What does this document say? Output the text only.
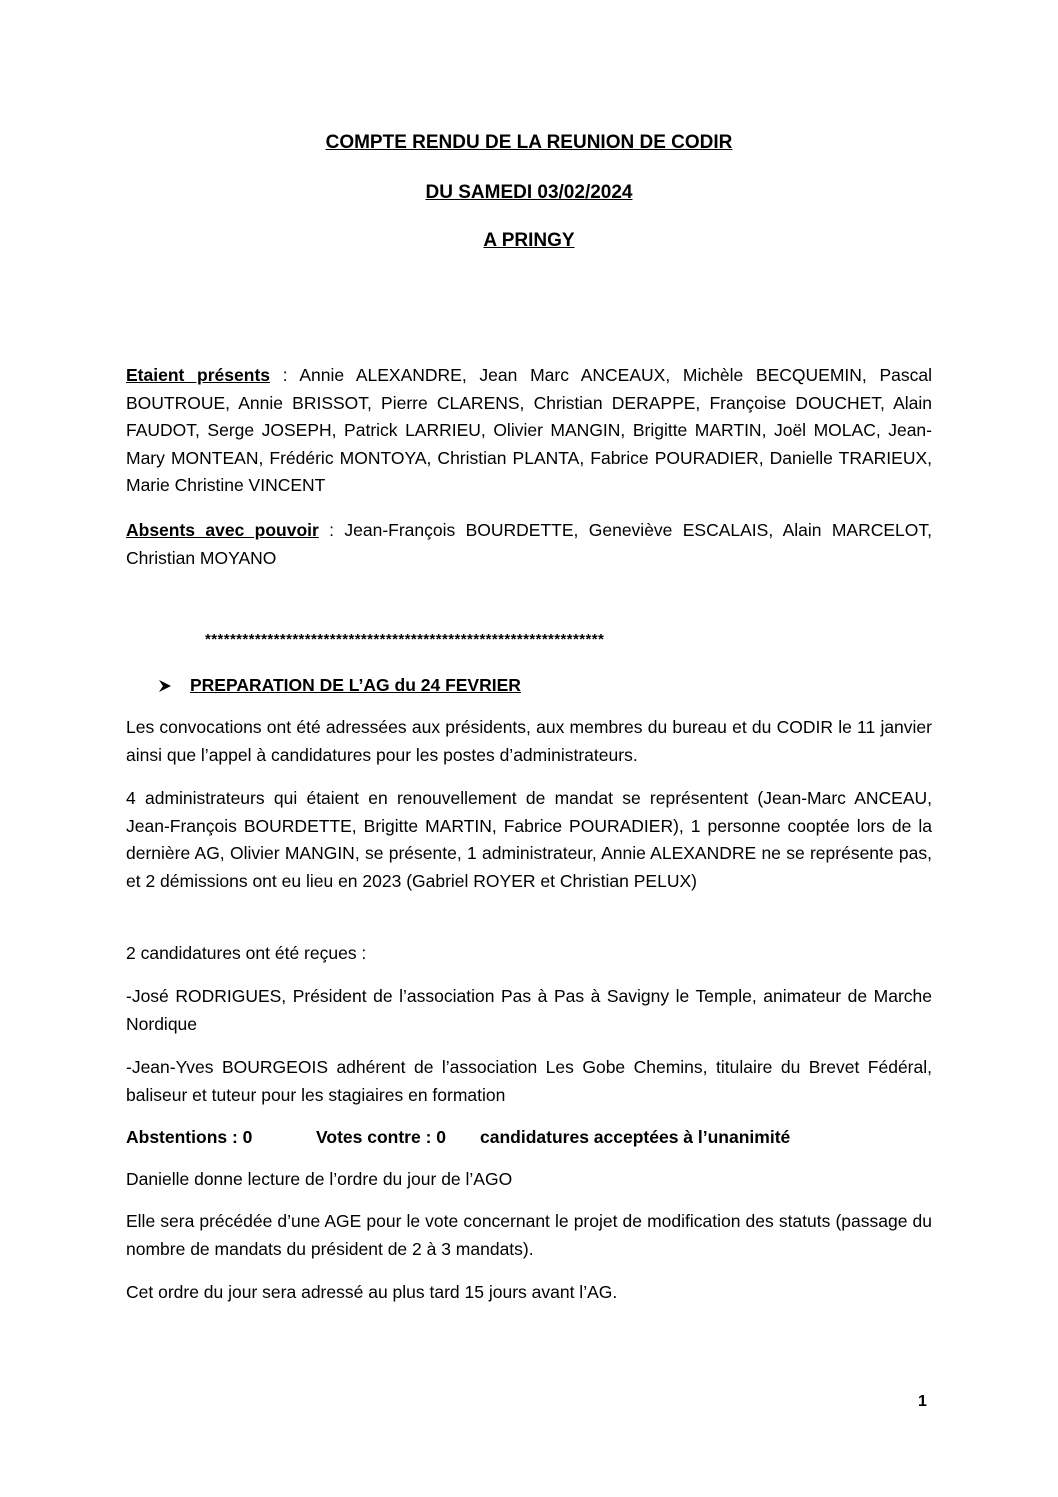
COMPTE RENDU DE LA REUNION DE CODIR
DU SAMEDI 03/02/2024
A PRINGY
Etaient présents : Annie ALEXANDRE, Jean Marc ANCEAUX, Michèle BECQUEMIN, Pascal BOUTROUE, Annie BRISSOT, Pierre CLARENS, Christian DERAPPE, Françoise DOUCHET, Alain FAUDOT, Serge JOSEPH, Patrick LARRIEU, Olivier MANGIN, Brigitte MARTIN, Joël MOLAC, Jean-Mary MONTEAN, Frédéric MONTOYA, Christian PLANTA, Fabrice POURADIER, Danielle TRARIEUX, Marie Christine VINCENT
Absents avec pouvoir : Jean-François BOURDETTE, Geneviève ESCALAIS, Alain MARCELOT, Christian MOYANO
****************************************************************
PREPARATION DE L’AG du 24 FEVRIER
Les convocations ont été adressées aux présidents, aux membres du bureau et du CODIR le 11 janvier ainsi que l’appel à candidatures pour les postes d’administrateurs.
4 administrateurs qui étaient en renouvellement de mandat se représentent (Jean-Marc ANCEAU, Jean-François BOURDETTE, Brigitte MARTIN, Fabrice POURADIER), 1 personne cooptée lors de la dernière AG, Olivier MANGIN, se présente, 1 administrateur, Annie ALEXANDRE ne se représente pas, et 2 démissions ont eu lieu en 2023 (Gabriel ROYER et Christian PELUX)
2 candidatures ont été reçues :
-José RODRIGUES, Président de l’association Pas à Pas à Savigny le Temple, animateur de Marche Nordique
-Jean-Yves BOURGEOIS adhérent de l’association Les Gobe Chemins, titulaire du Brevet Fédéral, baliseur et tuteur pour les stagiaires en formation
Abstentions : 0	Votes contre : 0 candidatures acceptées à l’unanimité
Danielle donne lecture de l’ordre du jour de l’AGO
Elle sera précédée d’une AGE pour le vote concernant le projet de modification des statuts (passage du nombre de mandats du président de 2 à 3 mandats).
Cet ordre du jour sera adressé au plus tard 15 jours avant l’AG.
1
